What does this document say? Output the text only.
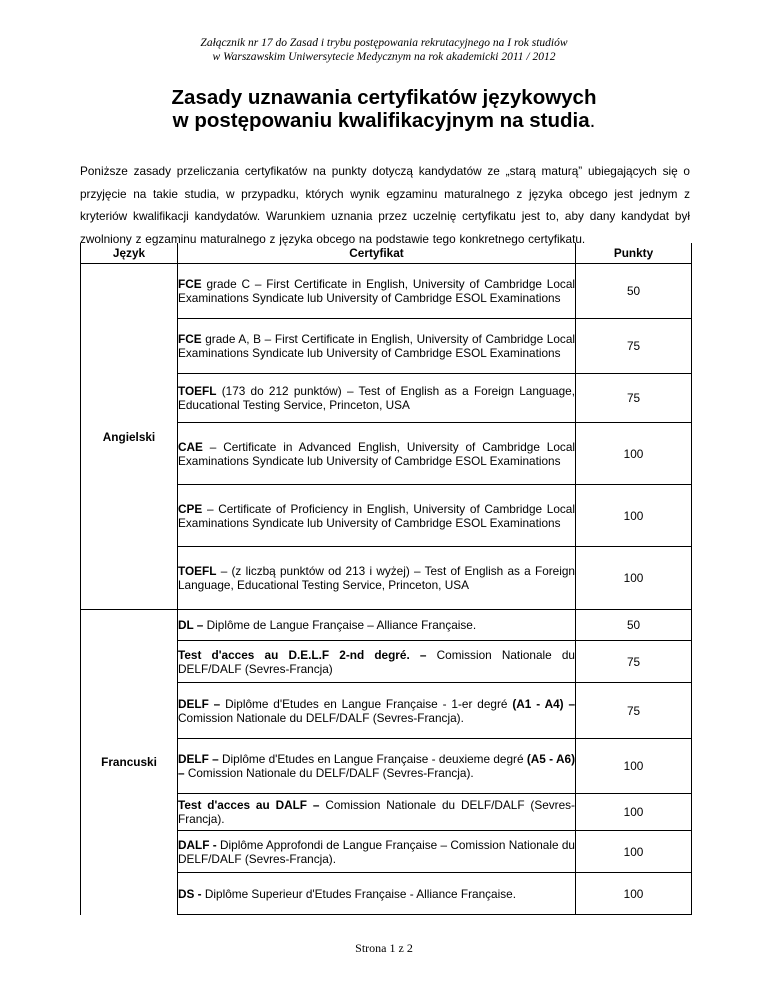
Załącznik nr 17 do Zasad i trybu postępowania rekrutacyjnego na I rok studiów
w Warszawskim Uniwersytecie Medycznym na rok akademicki 2011 / 2012
Zasady uznawania certyfikatów językowych
w postępowaniu kwalifikacyjnym na studia.
Poniższe zasady przeliczania certyfikatów na punkty dotyczą kandydatów ze „starą maturą” ubiegających się o przyjęcie na takie studia, w przypadku, których wynik egzaminu maturalnego z języka obcego jest jednym z kryteriów kwalifikacji kandydatów. Warunkiem uznania przez uczelnię certyfikatu jest to, aby dany kandydat był zwolniony z egzaminu maturalnego z języka obcego na podstawie tego konkretnego certyfikatu.
Język	Certyfikat	Punkty
Angielski	FCE grade C – First Certificate in English, University of Cambridge Local Examinations Syndicate lub University of Cambridge ESOL Examinations	50

	FCE grade A, B – First Certificate in English, University of Cambridge Local Examinations Syndicate lub University of Cambridge ESOL Examinations	75

	TOEFL (173 do 212 punktów) – Test of English as a Foreign Language, Educational Testing Service, Princeton, USA	75

	CAE – Certificate in Advanced English, University of Cambridge Local Examinations Syndicate lub University of Cambridge ESOL Examinations	100

	CPE – Certificate of Proficiency in English, University of Cambridge Local Examinations Syndicate lub University of Cambridge ESOL Examinations	100

	TOEFL – (z liczbą punktów od 213 i wyżej) – Test of English as a Foreign Language, Educational Testing Service, Princeton, USA	100
Francuski	DL – Diplôme de Langue Française – Alliance Française.	50

	Test d'acces au D.E.L.F 2-nd degré. – Comission Nationale du DELF/DALF (Sevres-Francja)	75

	DELF – Diplôme d'Etudes en Langue Française - 1-er degré (A1 - A4) – Comission Nationale du DELF/DALF (Sevres-Francja).	75

	DELF – Diplôme d'Etudes en Langue Française - deuxieme degré (A5 - A6) – Comission Nationale du DELF/DALF (Sevres-Francja).	100

	Test d'acces au DALF – Comission Nationale du DELF/DALF (Sevres-Francja).	100

	DALF - Diplôme Approfondi de Langue Française – Comission Nationale du DELF/DALF (Sevres-Francja).	100

	DS - Diplôme Superieur d'Etudes Française - Alliance Française.	100
Strona 1 z 2
